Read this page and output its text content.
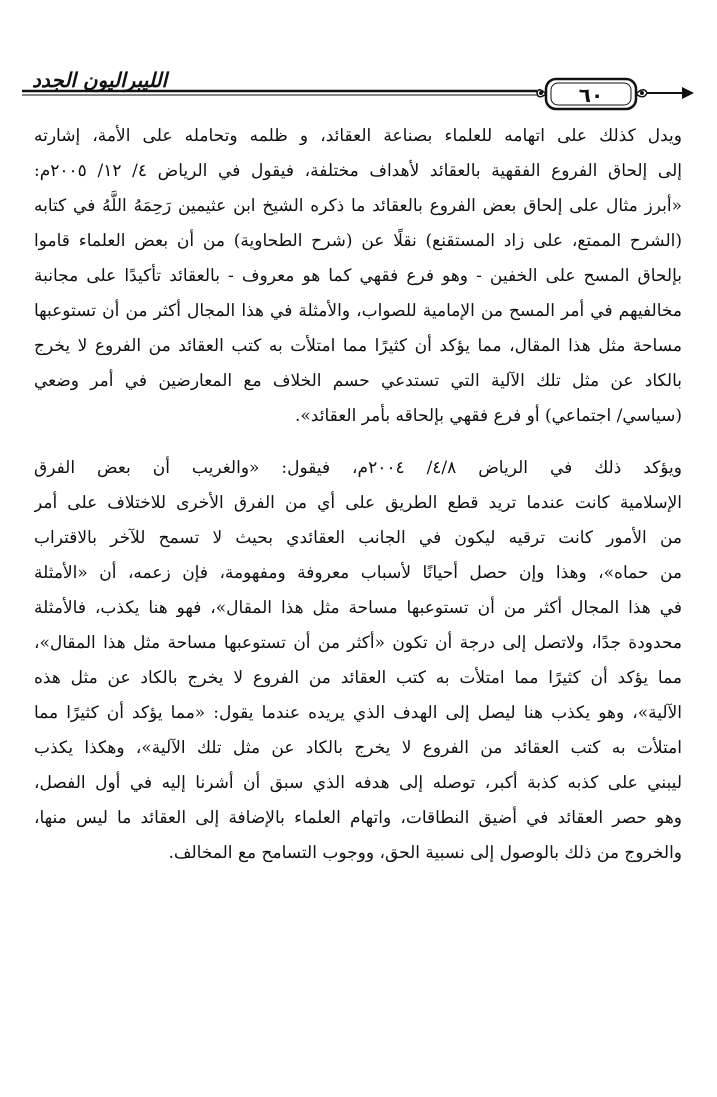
الليبراليون الجدد
٦٠
ويدل كذلك على اتهامه للعلماء بصناعة العقائد، و ظلمه وتحامله على الأمة، إشارته
إلى إلحاق الفروع الفقهية بالعقائد لأهداف مختلفة، فيقول في الرياض ٤/ ١٢/ ٢٠٠٥م:
«أبرز مثال على إلحاق بعض الفروع بالعقائد ما ذكره الشيخ ابن عثيمين رَحِمَهُ اللَّهُ في كتابه
(الشرح الممتع، على زاد المستقنع) نقلًا عن (شرح الطحاوية) من أن بعض العلماء قاموا
بإلحاق المسح على الخفين - وهو فرع فقهي كما هو معروف - بالعقائد تأكيدًا على مجانبة
مخالفيهم في أمر المسح من الإمامية للصواب، والأمثلة في هذا المجال أكثر من أن تستوعبها
مساحة مثل هذا المقال، مما يؤكد أن كثيرًا مما امتلأت به كتب العقائد من الفروع لا يخرج
بالكاد عن مثل تلك الآلية التي تستدعي حسم الخلاف مع المعارضين في أمر وضعي
(سياسي/ اجتماعي) أو فرع فقهي بإلحاقه بأمر العقائد».
ويؤكد ذلك في الرياض ٤/٨/ ٢٠٠٤م، فيقول: «والغريب أن بعض الفرق
الإسلامية كانت عندما تريد قطع الطريق على أي من الفرق الأخرى للاختلاف على أمر
من الأمور كانت ترقيه ليكون في الجانب العقائدي بحيث لا تسمح للآخر بالاقتراب
من حماه»، وهذا وإن حصل أحيانًا لأسباب معروفة ومفهومة، فإن زعمه، أن «الأمثلة
في هذا المجال أكثر من أن تستوعبها مساحة مثل هذا المقال»، فهو هنا يكذب، فالأمثلة
محدودة جدًا، ولاتصل إلى درجة أن تكون «أكثر من أن تستوعبها مساحة مثل هذا المقال»،
مما يؤكد أن كثيرًا مما امتلأت به كتب العقائد من الفروع لا يخرج بالكاد عن مثل هذه
الآلية»، وهو يكذب هنا ليصل إلى الهدف الذي يريده عندما يقول: «مما يؤكد أن كثيرًا مما
امتلأت به كتب العقائد من الفروع لا يخرج بالكاد عن مثل تلك الآلية»، وهكذا يكذب
ليبني على كذبه كذبة أكبر، توصله إلى هدفه الذي سبق أن أشرنا إليه في أول الفصل،
وهو حصر العقائد في أضيق النطاقات، واتهام العلماء بالإضافة إلى العقائد ما ليس منها،
والخروج من ذلك بالوصول إلى نسبية الحق، ووجوب التسامح مع المخالف.
